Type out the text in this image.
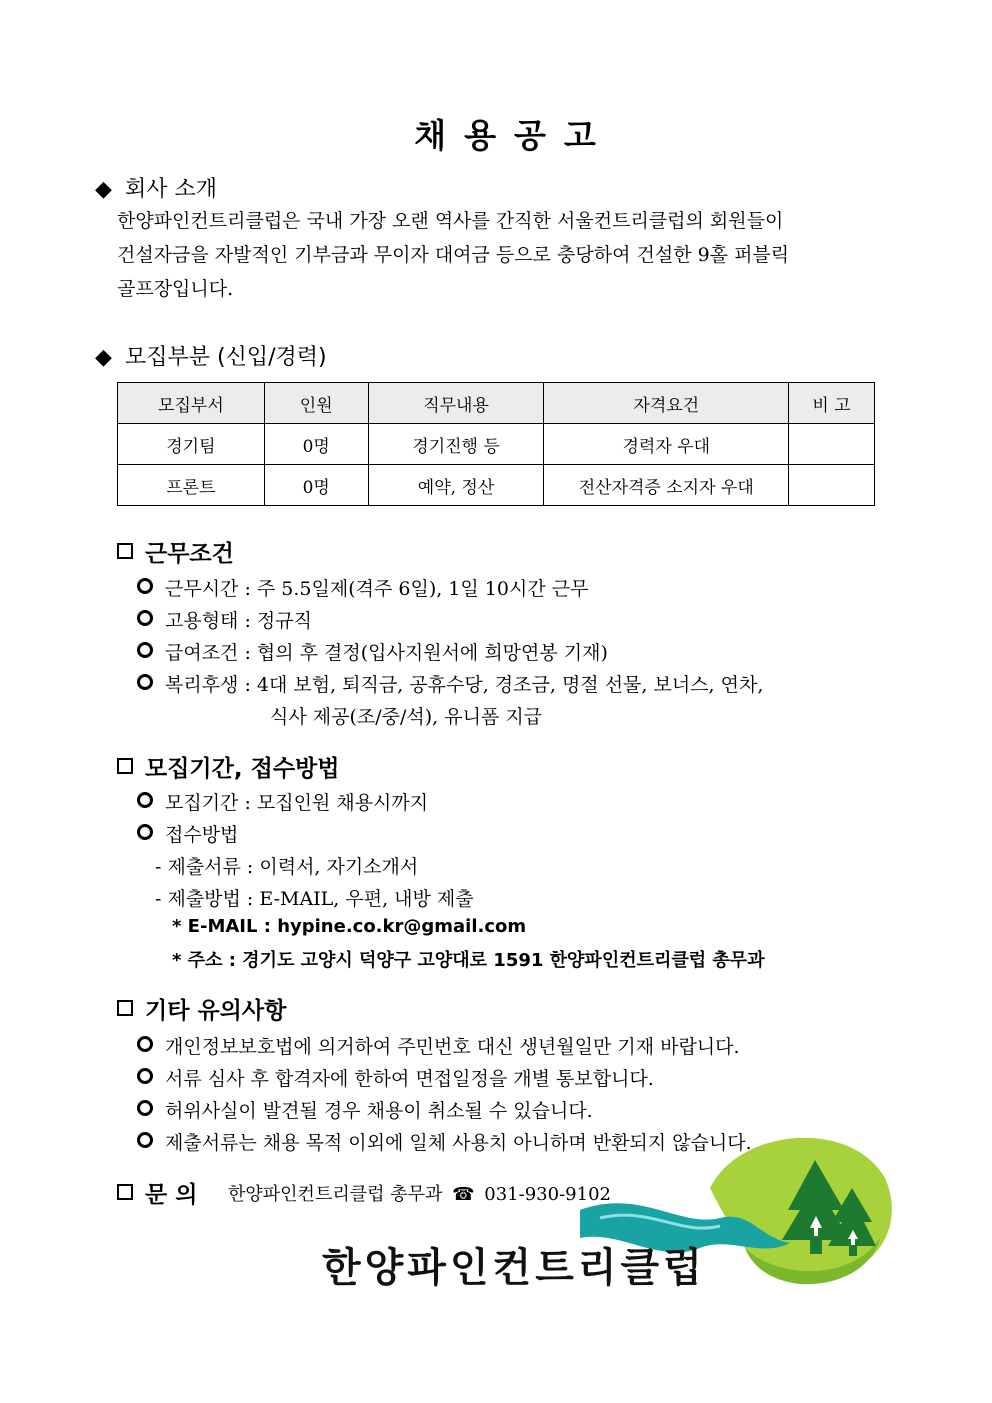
채용공고
◆ 회사 소개
한양파인컨트리클럽은 국내 가장 오랜 역사를 간직한 서울컨트리클럽의 회원들이
건설자금을 자발적인 기부금과 무이자 대여금 등으로 충당하여 건설한 9홀 퍼블릭
골프장입니다.
◆ 모집부분 (신입/경력)
모집부서	인원	직무내용	자격요건	비 고
경기팀	0명	경기진행 등	경력자 우대	
프론트	0명	예약, 정산	전산자격증 소지자 우대	
근무조건
근무시간 : 주 5.5일제(격주 6일), 1일 10시간 근무
고용형태 : 정규직
급여조건 : 협의 후 결정(입사지원서에 희망연봉 기재)
복리후생 : 4대 보험, 퇴직금, 공휴수당, 경조금, 명절 선물, 보너스, 연차,
식사 제공(조/중/석), 유니폼 지급
모집기간, 접수방법
모집기간 : 모집인원 채용시까지
접수방법
- 제출서류 : 이력서, 자기소개서
- 제출방법 : E-MAIL, 우편, 내방 제출
* E-MAIL : hypine.co.kr@gmail.com
* 주소 : 경기도 고양시 덕양구 고양대로 1591 한양파인컨트리클럽 총무과
기타 유의사항
개인정보보호법에 의거하여 주민번호 대신 생년월일만 기재 바랍니다.
서류 심사 후 합격자에 한하여 면접일정을 개별 통보합니다.
허위사실이 발견될 경우 채용이 취소될 수 있습니다.
제출서류는 채용 목적 이외에 일체 사용치 아니하며 반환되지 않습니다.
문 의 한양파인컨트리클럽 총무과 ☎ 031-930-9102
한양파인컨트리클럽
